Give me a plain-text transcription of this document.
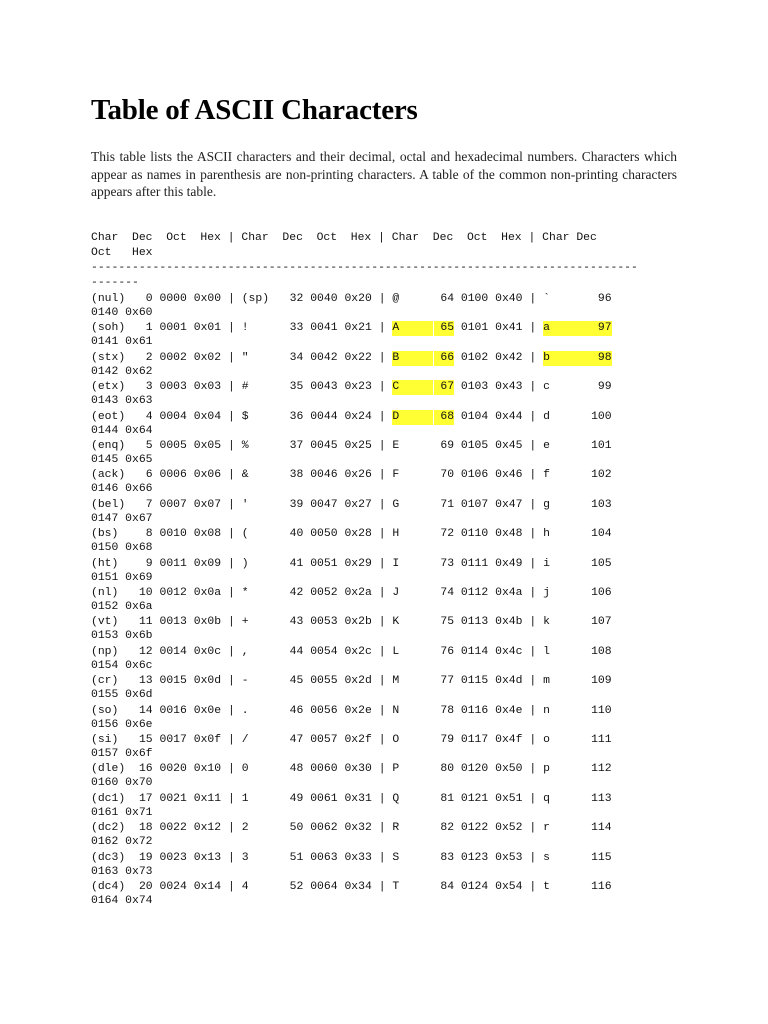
Table of ASCII Characters

This table lists the ASCII characters and their decimal, octal and hexadecimal numbers. Characters which appear as names in parenthesis are non-printing characters. A table of the common non-printing characters appears after this table.

Char  Dec  Oct  Hex | Char  Dec  Oct  Hex | Char  Dec  Oct  Hex | Char Dec
Oct   Hex
--------------------------------------------------------------------------------
-------
(nul)	0 0000 0x00 | (sp)	32 0040 0x20 | @	64 0100 0x40 | `	96
0140 0x60
(soh)	1 0001 0x01 | !	33 0041 0x21 | A	65 0101 0x41 | a	97
0141 0x61
(stx)	2 0002 0x02 | "	34 0042 0x22 | B	66 0102 0x42 | b	98
0142 0x62
(etx)	3 0003 0x03 | #	35 0043 0x23 | C	67 0103 0x43 | c	99
0143 0x63
(eot)	4 0004 0x04 | $	36 0044 0x24 | D	68 0104 0x44 | d	100
0144 0x64
(enq)	5 0005 0x05 | %	37 0045 0x25 | E	69 0105 0x45 | e	101
0145 0x65
(ack)	6 0006 0x06 | &	38 0046 0x26 | F	70 0106 0x46 | f	102
0146 0x66
(bel)	7 0007 0x07 | '	39 0047 0x27 | G	71 0107 0x47 | g	103
0147 0x67
(bs)	8 0010 0x08 | (	40 0050 0x28 | H	72 0110 0x48 | h	104
0150 0x68
(ht)	9 0011 0x09 | )	41 0051 0x29 | I	73 0111 0x49 | i	105
0151 0x69
(nl)	10 0012 0x0a | *	42 0052 0x2a | J	74 0112 0x4a | j	106
0152 0x6a
(vt)	11 0013 0x0b | +	43 0053 0x2b | K	75 0113 0x4b | k	107
0153 0x6b
(np)	12 0014 0x0c | ,	44 0054 0x2c | L	76 0114 0x4c | l	108
0154 0x6c
(cr)	13 0015 0x0d | -	45 0055 0x2d | M	77 0115 0x4d | m	109
0155 0x6d
(so)	14 0016 0x0e | .	46 0056 0x2e | N	78 0116 0x4e | n	110
0156 0x6e
(si)	15 0017 0x0f | /	47 0057 0x2f | O	79 0117 0x4f | o	111
0157 0x6f
(dle)	16 0020 0x10 | 0	48 0060 0x30 | P	80 0120 0x50 | p	112
0160 0x70
(dc1)	17 0021 0x11 | 1	49 0061 0x31 | Q	81 0121 0x51 | q	113
0161 0x71
(dc2)	18 0022 0x12 | 2	50 0062 0x32 | R	82 0122 0x52 | r	114
0162 0x72
(dc3)	19 0023 0x13 | 3	51 0063 0x33 | S	83 0123 0x53 | s	115
0163 0x73
(dc4)	20 0024 0x14 | 4	52 0064 0x34 | T	84 0124 0x54 | t	116
0164 0x74
